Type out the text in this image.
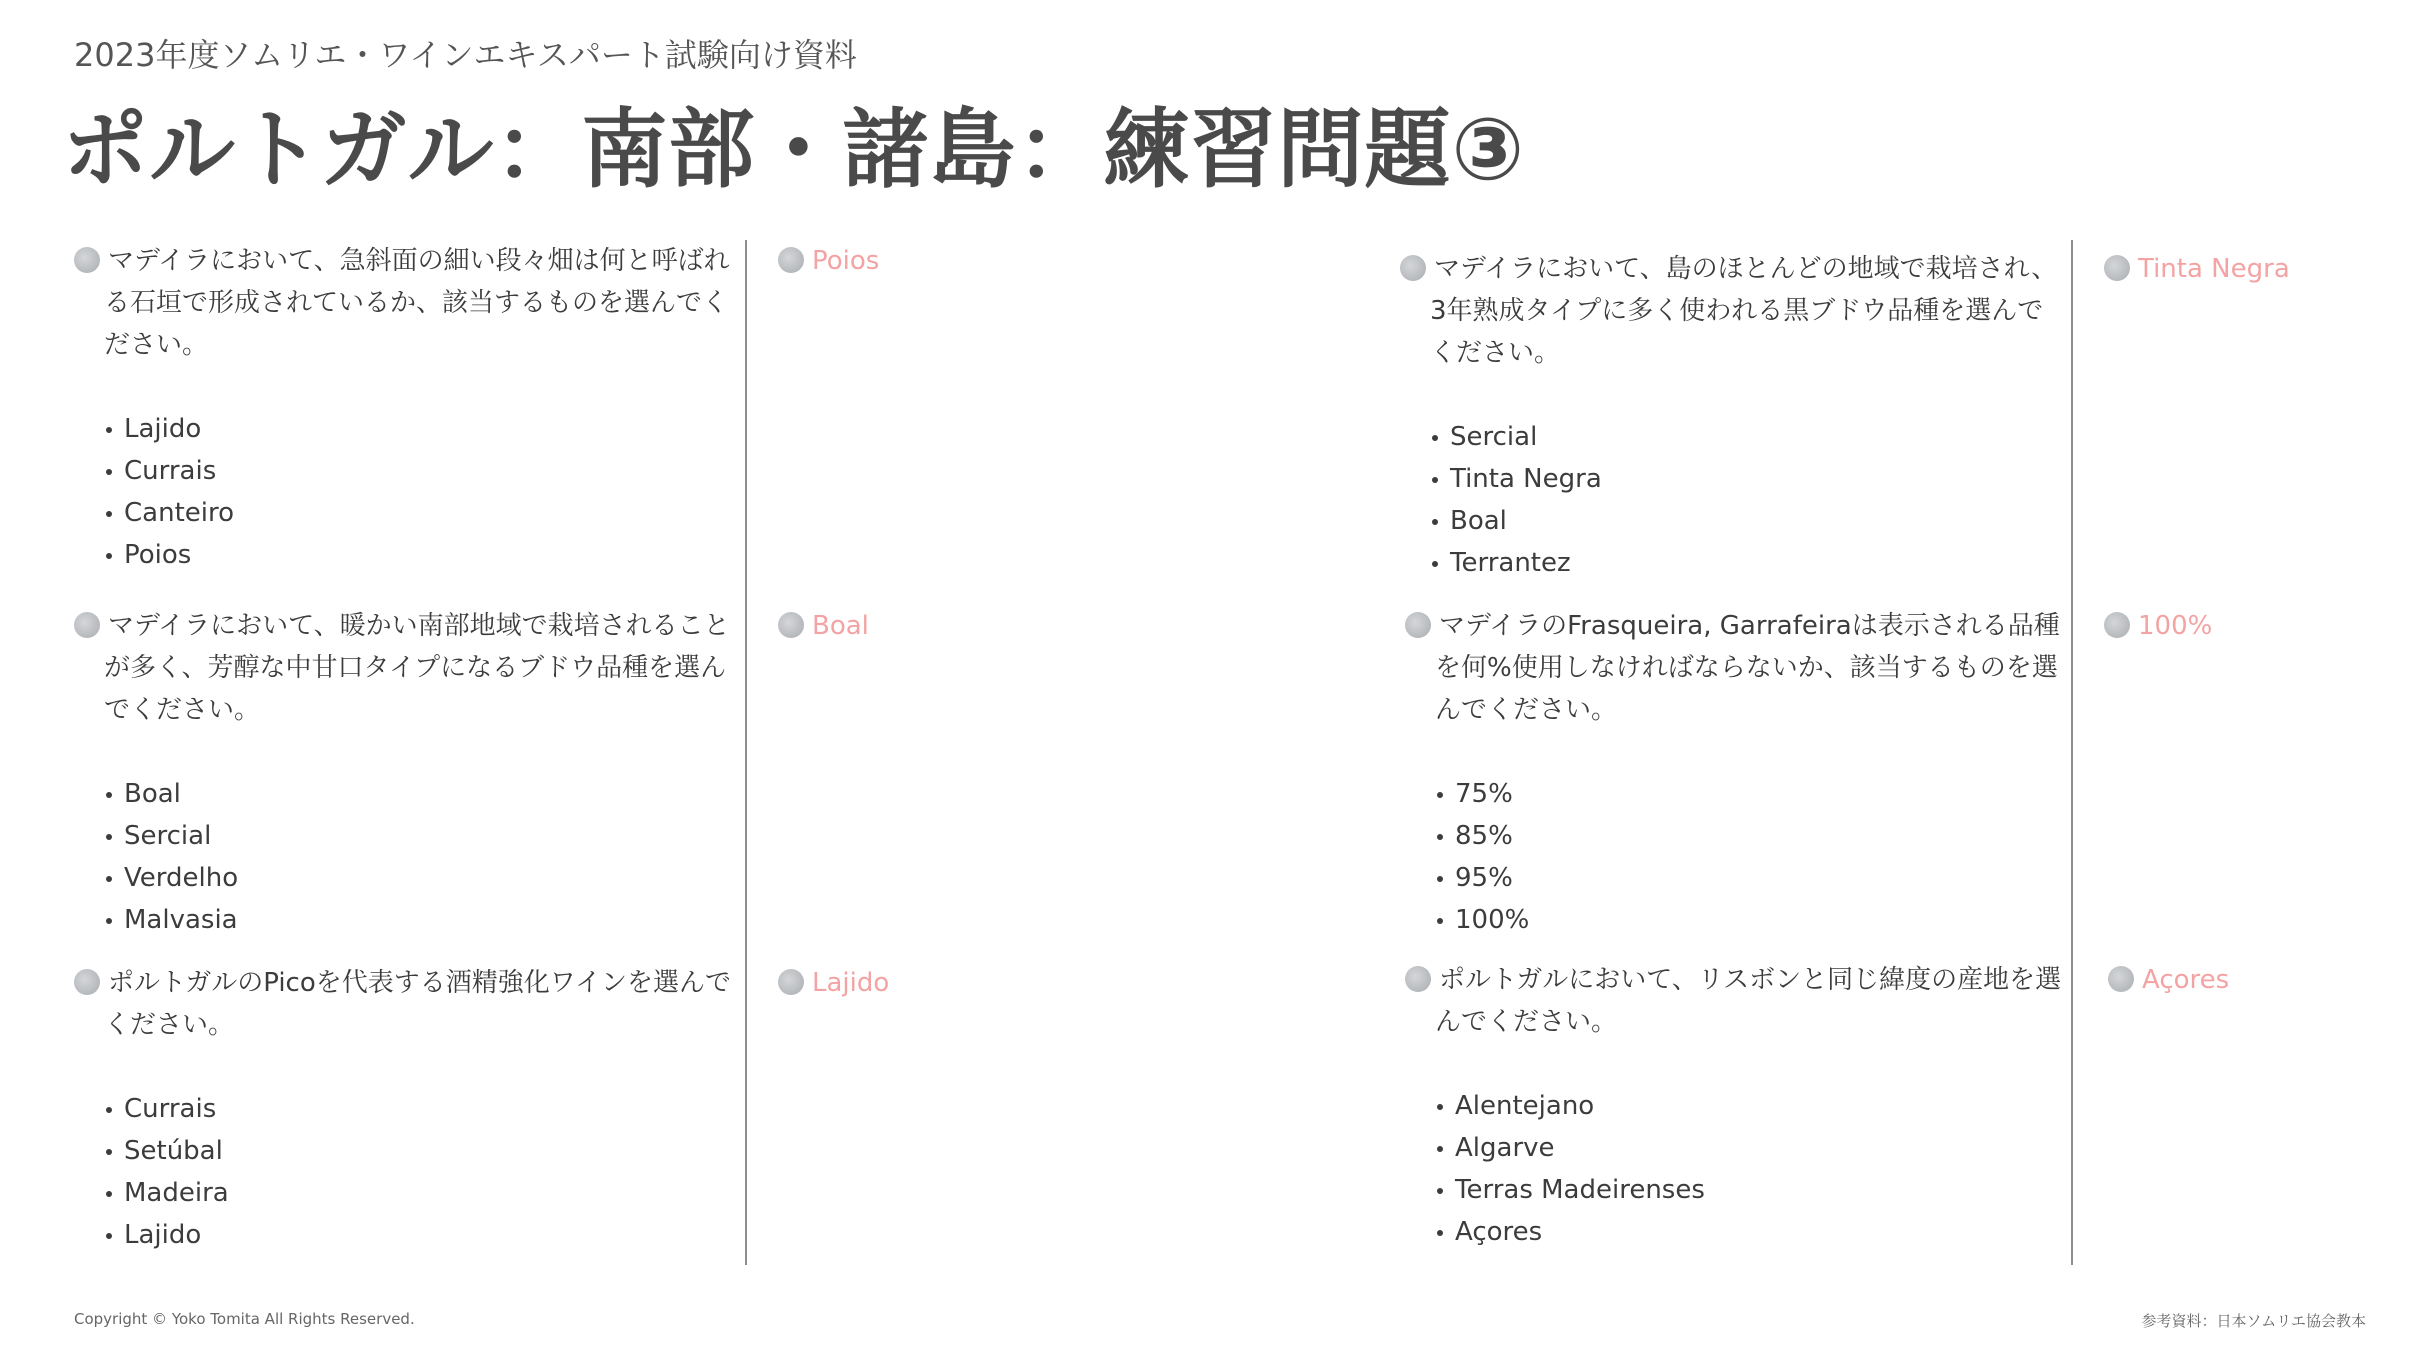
2023年度ソムリエ・ワインエキスパート試験向け資料
ポルトガル：南部・諸島：練習問題③
マデイラにおいて、急斜面の細い段々畑は何と呼ばれる石垣で形成されているか、該当するものを選んでください。
Lajido
Currais
Canteiro
Poios
Poios
マデイラにおいて、暖かい南部地域で栽培されることが多く、芳醇な中甘口タイプになるブドウ品種を選んでください。
Boal
Sercial
Verdelho
Malvasia
Boal
ポルトガルのPicoを代表する酒精強化ワインを選んでください。
Currais
Setúbal
Madeira
Lajido
Lajido
マデイラにおいて、島のほとんどの地域で栽培され、 3年熟成タイプに多く使われる黒ブドウ品種を選んでください。
Sercial
Tinta Negra
Boal
Terrantez
Tinta Negra
マデイラのFrasqueira, Garrafeiraは表示される品種を何%使用しなければならないか、該当するものを選んでください。
75%
85%
95%
100%
100%
ポルトガルにおいて、リスボンと同じ緯度の産地を選んでください。
Alentejano
Algarve
Terras Madeirenses
Açores
Açores
Copyright © Yoko Tomita All Rights Reserved.	参考資料：日本ソムリエ協会教本
